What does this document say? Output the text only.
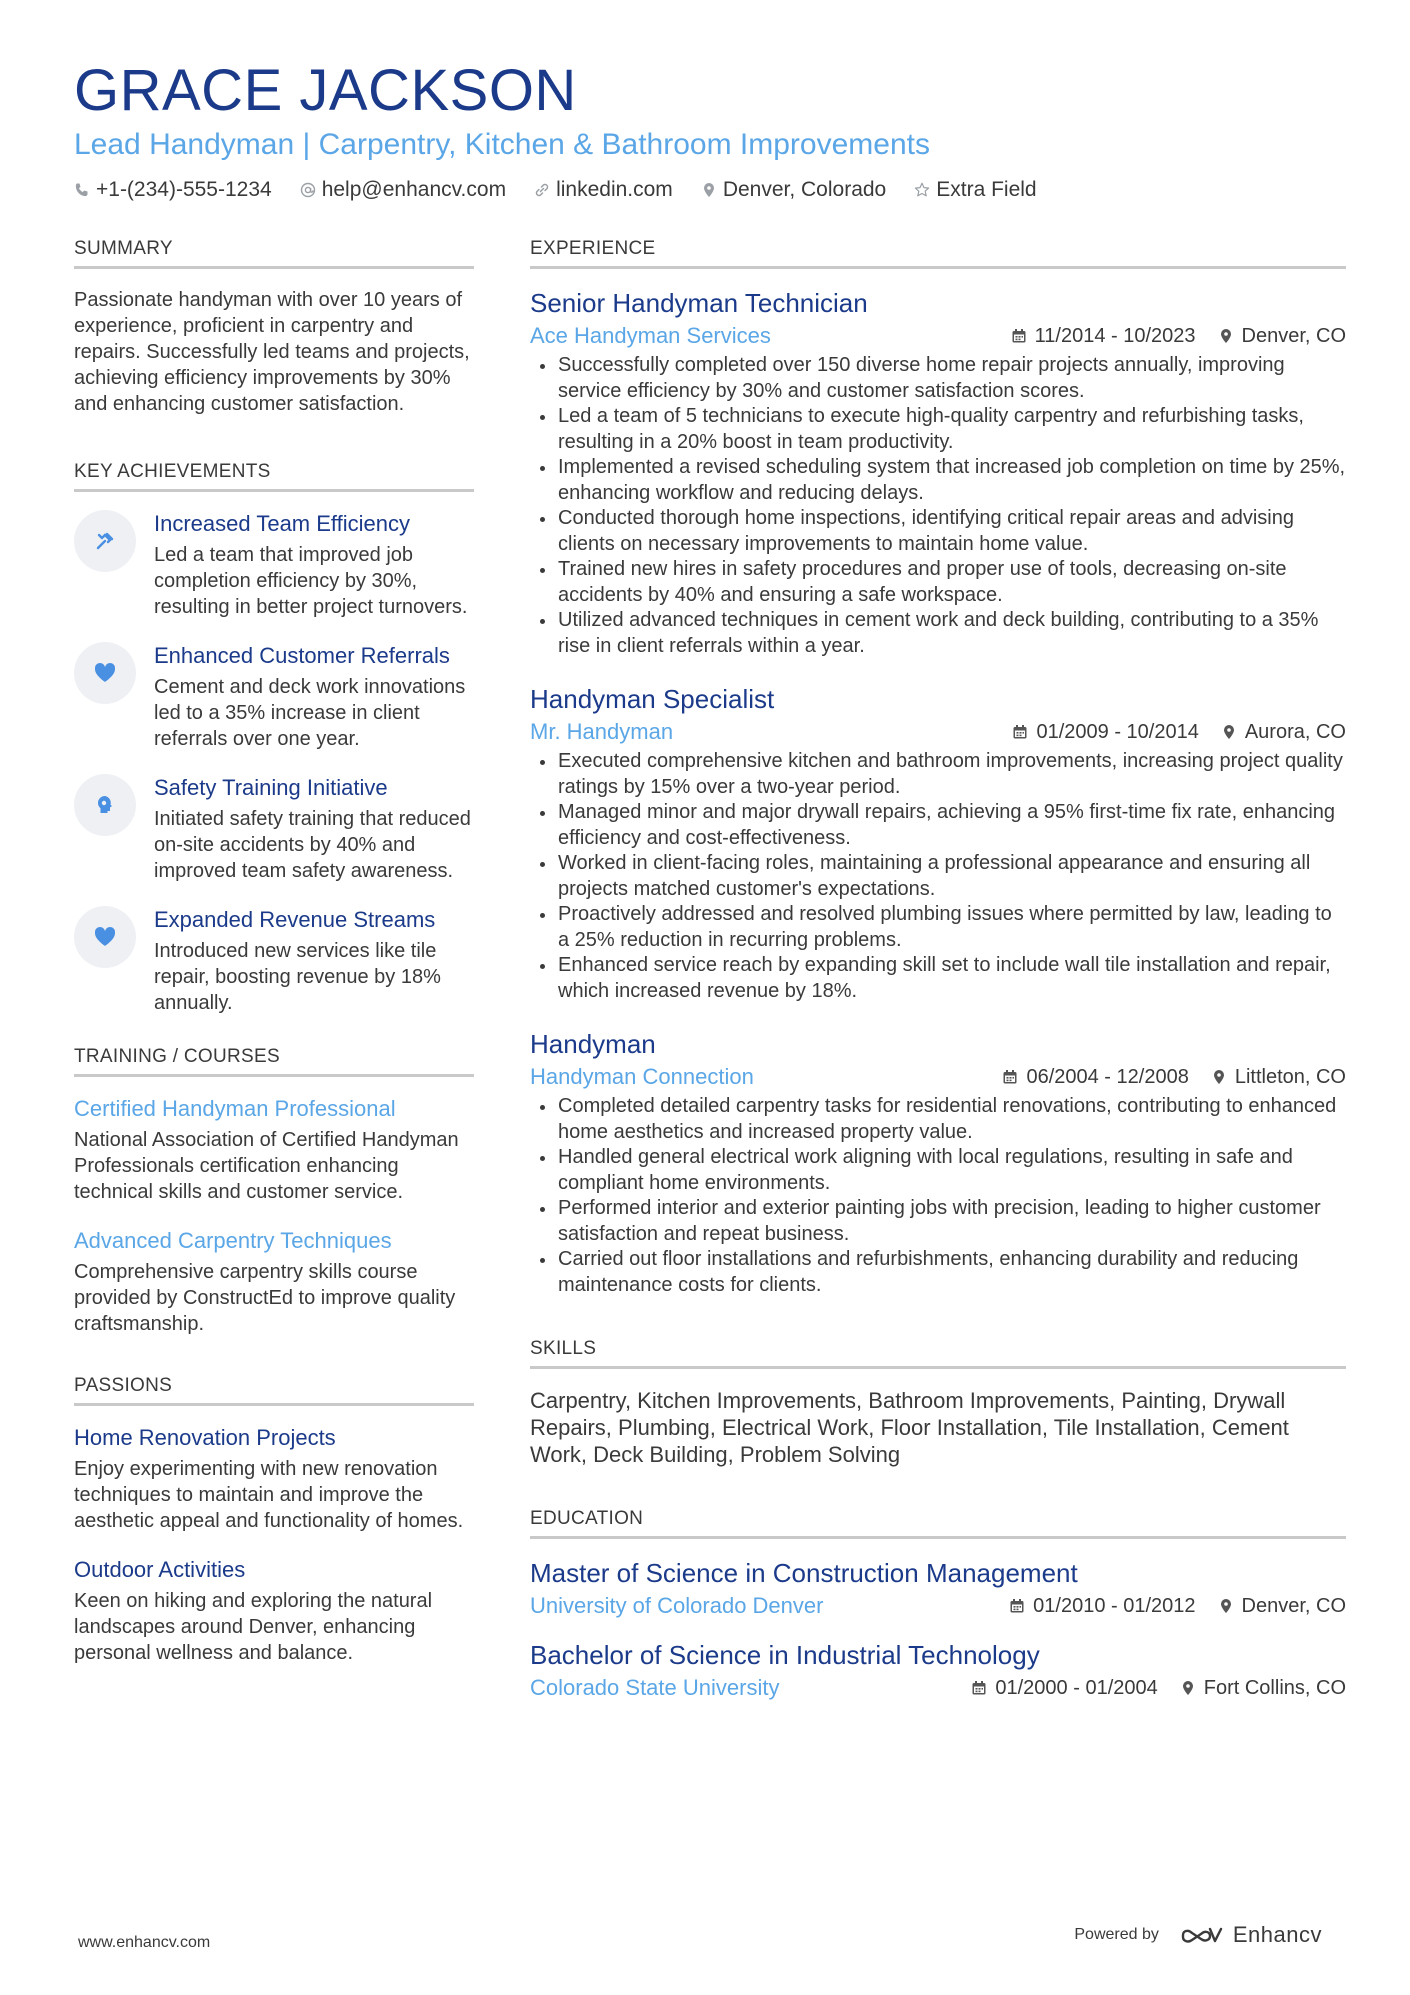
GRACE JACKSON
Lead Handyman | Carpentry, Kitchen & Bathroom Improvements
+1-(234)-555-1234 help@enhancv.com linkedin.com Denver, Colorado Extra Field
SUMMARY
Passionate handyman with over 10 years of experience, proficient in carpentry and repairs. Successfully led teams and projects, achieving efficiency improvements by 30% and enhancing customer satisfaction.
KEY ACHIEVEMENTS
Increased Team Efficiency
Led a team that improved job completion efficiency by 30%, resulting in better project turnovers.
Enhanced Customer Referrals
Cement and deck work innovations led to a 35% increase in client referrals over one year.
Safety Training Initiative
Initiated safety training that reduced on-site accidents by 40% and improved team safety awareness.
Expanded Revenue Streams
Introduced new services like tile repair, boosting revenue by 18% annually.
TRAINING / COURSES
Certified Handyman Professional
National Association of Certified Handyman Professionals certification enhancing technical skills and customer service.
Advanced Carpentry Techniques
Comprehensive carpentry skills course provided by ConstructEd to improve quality craftsmanship.
PASSIONS
Home Renovation Projects
Enjoy experimenting with new renovation techniques to maintain and improve the aesthetic appeal and functionality of homes.
Outdoor Activities
Keen on hiking and exploring the natural landscapes around Denver, enhancing personal wellness and balance.
EXPERIENCE
Senior Handyman Technician
Ace Handyman Services	11/2014 - 10/2023 Denver, CO
Successfully completed over 150 diverse home repair projects annually, improving service efficiency by 30% and customer satisfaction scores.
Led a team of 5 technicians to execute high-quality carpentry and refurbishing tasks, resulting in a 20% boost in team productivity.
Implemented a revised scheduling system that increased job completion on time by 25%, enhancing workflow and reducing delays.
Conducted thorough home inspections, identifying critical repair areas and advising clients on necessary improvements to maintain home value.
Trained new hires in safety procedures and proper use of tools, decreasing on-site accidents by 40% and ensuring a safe workspace.
Utilized advanced techniques in cement work and deck building, contributing to a 35% rise in client referrals within a year.
Handyman Specialist
Mr. Handyman	01/2009 - 10/2014 Aurora, CO
Executed comprehensive kitchen and bathroom improvements, increasing project quality ratings by 15% over a two-year period.
Managed minor and major drywall repairs, achieving a 95% first-time fix rate, enhancing efficiency and cost-effectiveness.
Worked in client-facing roles, maintaining a professional appearance and ensuring all projects matched customer's expectations.
Proactively addressed and resolved plumbing issues where permitted by law, leading to a 25% reduction in recurring problems.
Enhanced service reach by expanding skill set to include wall tile installation and repair, which increased revenue by 18%.
Handyman
Handyman Connection	06/2004 - 12/2008 Littleton, CO
Completed detailed carpentry tasks for residential renovations, contributing to enhanced home aesthetics and increased property value.
Handled general electrical work aligning with local regulations, resulting in safe and compliant home environments.
Performed interior and exterior painting jobs with precision, leading to higher customer satisfaction and repeat business.
Carried out floor installations and refurbishments, enhancing durability and reducing maintenance costs for clients.
SKILLS
Carpentry, Kitchen Improvements, Bathroom Improvements, Painting, Drywall Repairs, Plumbing, Electrical Work, Floor Installation, Tile Installation, Cement Work, Deck Building, Problem Solving
EDUCATION
Master of Science in Construction Management
University of Colorado Denver	01/2010 - 01/2012 Denver, CO
Bachelor of Science in Industrial Technology
Colorado State University	01/2000 - 01/2004 Fort Collins, CO
www.enhancv.com	Powered by	Enhancv
